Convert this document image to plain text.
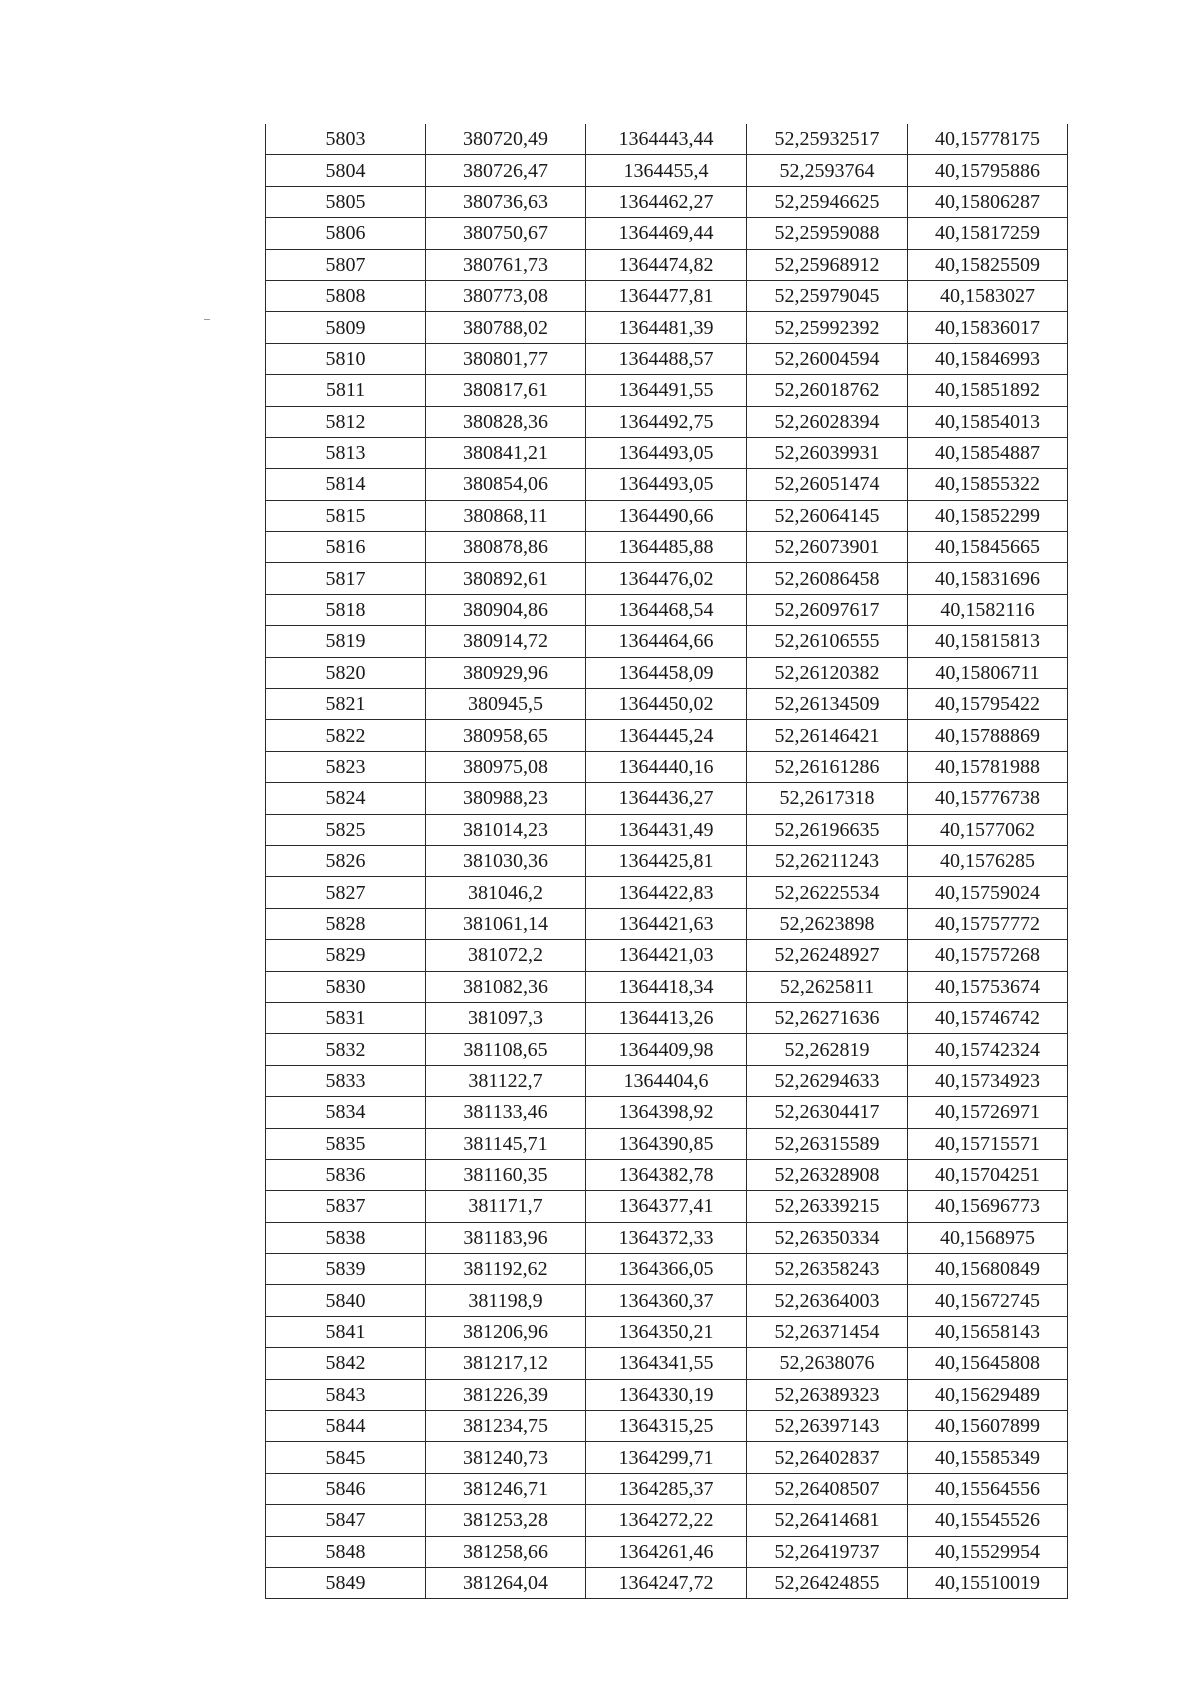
5803	380720,49	1364443,44	52,25932517	40,15778175
5804	380726,47	1364455,4	52,2593764	40,15795886
5805	380736,63	1364462,27	52,25946625	40,15806287
5806	380750,67	1364469,44	52,25959088	40,15817259
5807	380761,73	1364474,82	52,25968912	40,15825509
5808	380773,08	1364477,81	52,25979045	40,1583027
5809	380788,02	1364481,39	52,25992392	40,15836017
5810	380801,77	1364488,57	52,26004594	40,15846993
5811	380817,61	1364491,55	52,26018762	40,15851892
5812	380828,36	1364492,75	52,26028394	40,15854013
5813	380841,21	1364493,05	52,26039931	40,15854887
5814	380854,06	1364493,05	52,26051474	40,15855322
5815	380868,11	1364490,66	52,26064145	40,15852299
5816	380878,86	1364485,88	52,26073901	40,15845665
5817	380892,61	1364476,02	52,26086458	40,15831696
5818	380904,86	1364468,54	52,26097617	40,1582116
5819	380914,72	1364464,66	52,26106555	40,15815813
5820	380929,96	1364458,09	52,26120382	40,15806711
5821	380945,5	1364450,02	52,26134509	40,15795422
5822	380958,65	1364445,24	52,26146421	40,15788869
5823	380975,08	1364440,16	52,26161286	40,15781988
5824	380988,23	1364436,27	52,2617318	40,15776738
5825	381014,23	1364431,49	52,26196635	40,1577062
5826	381030,36	1364425,81	52,26211243	40,1576285
5827	381046,2	1364422,83	52,26225534	40,15759024
5828	381061,14	1364421,63	52,2623898	40,15757772
5829	381072,2	1364421,03	52,26248927	40,15757268
5830	381082,36	1364418,34	52,2625811	40,15753674
5831	381097,3	1364413,26	52,26271636	40,15746742
5832	381108,65	1364409,98	52,262819	40,15742324
5833	381122,7	1364404,6	52,26294633	40,15734923
5834	381133,46	1364398,92	52,26304417	40,15726971
5835	381145,71	1364390,85	52,26315589	40,15715571
5836	381160,35	1364382,78	52,26328908	40,15704251
5837	381171,7	1364377,41	52,26339215	40,15696773
5838	381183,96	1364372,33	52,26350334	40,1568975
5839	381192,62	1364366,05	52,26358243	40,15680849
5840	381198,9	1364360,37	52,26364003	40,15672745
5841	381206,96	1364350,21	52,26371454	40,15658143
5842	381217,12	1364341,55	52,2638076	40,15645808
5843	381226,39	1364330,19	52,26389323	40,15629489
5844	381234,75	1364315,25	52,26397143	40,15607899
5845	381240,73	1364299,71	52,26402837	40,15585349
5846	381246,71	1364285,37	52,26408507	40,15564556
5847	381253,28	1364272,22	52,26414681	40,15545526
5848	381258,66	1364261,46	52,26419737	40,15529954
5849	381264,04	1364247,72	52,26424855	40,15510019
